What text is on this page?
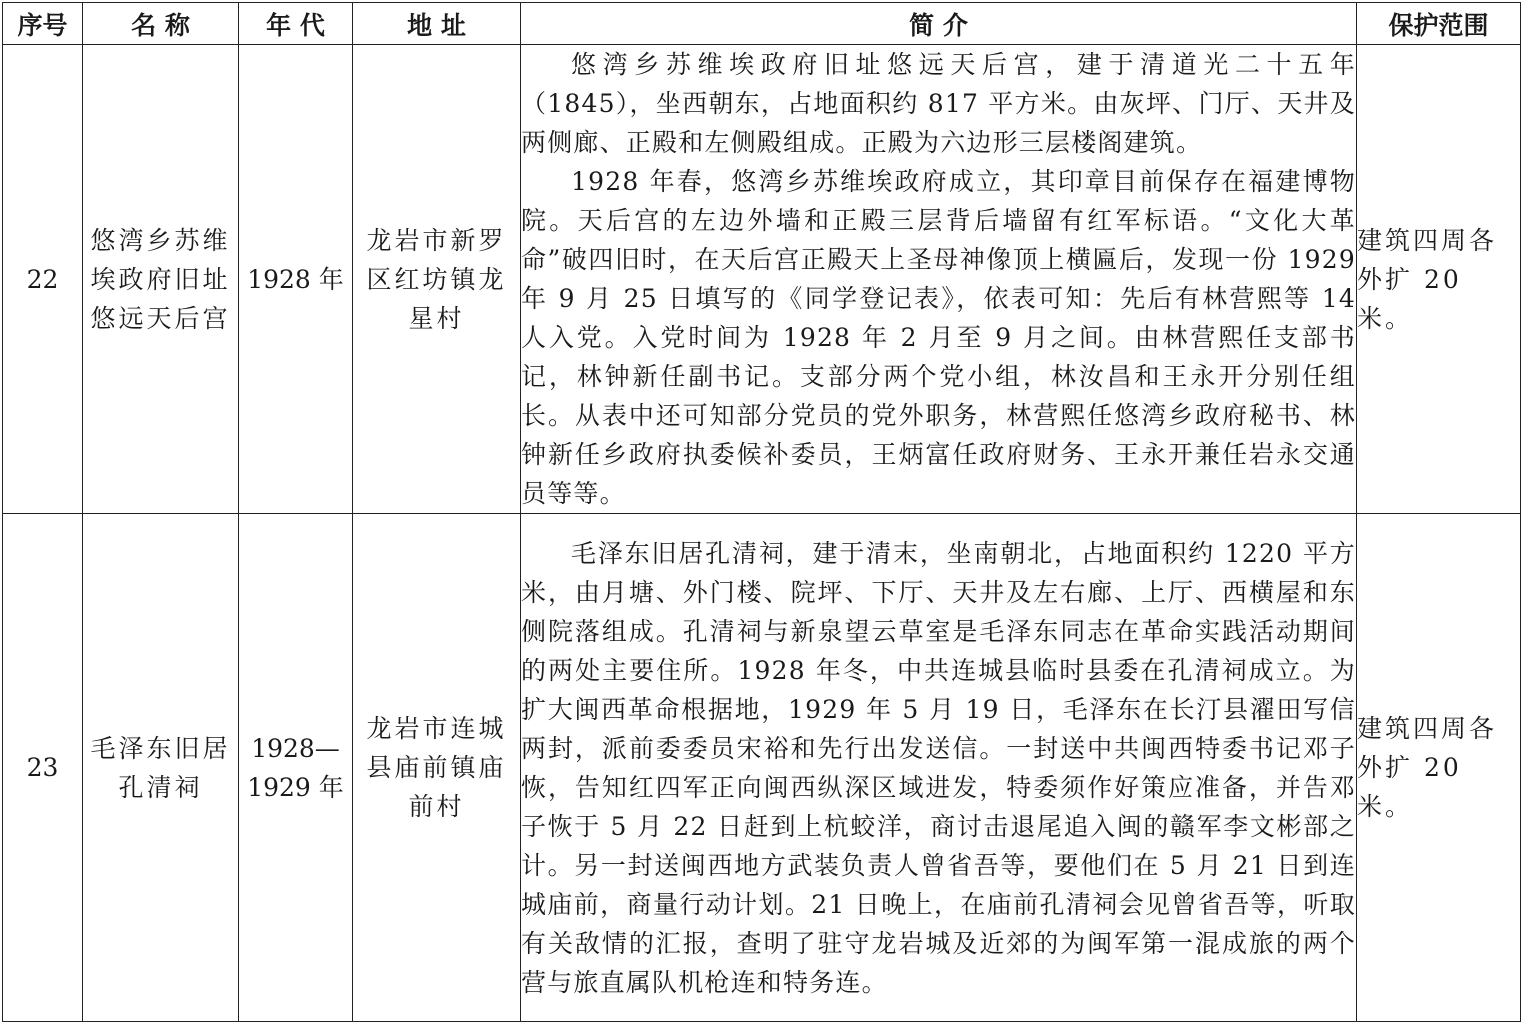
序号	名 称	年 代	地 址	简 介	保护范围
22	悠湾乡苏维埃政府旧址悠远天后宫	1928 年	龙岩市新罗区红坊镇龙星村	悠湾乡苏维埃政府旧址悠远天后宫，建于清道光二十五年（1845），坐西朝东，占地面积约 817 平方米。由灰坪、门厅、天井及两侧廊、正殿和左侧殿组成。正殿为六边形三层楼阁建筑。

1928 年春，悠湾乡苏维埃政府成立，其印章目前保存在福建博物院。天后宫的左边外墙和正殿三层背后墙留有红军标语。“文化大革命”破四旧时，在天后宫正殿天上圣母神像顶上横匾后，发现一份 1929 年 9 月 25 日填写的《同学登记表》，依表可知：先后有林营熙等 14 人入党。入党时间为 1928 年 2 月至 9 月之间。由林营熙任支部书记，林钟新任副书记。支部分两个党小组，林汝昌和王永开分别任组长。从表中还可知部分党员的党外职务，林营熙任悠湾乡政府秘书、林钟新任乡政府执委候补委员，王炳富任政府财务、王永开兼任岩永交通员等等。	建筑四周各外扩 20 米。
23	毛泽东旧居孔清祠	1928—1929 年	龙岩市连城县庙前镇庙前村	毛泽东旧居孔清祠，建于清末，坐南朝北，占地面积约 1220 平方米，由月塘、外门楼、院坪、下厅、天井及左右廊、上厅、西横屋和东侧院落组成。孔清祠与新泉望云草室是毛泽东同志在革命实践活动期间的两处主要住所。1928 年冬，中共连城县临时县委在孔清祠成立。为扩大闽西革命根据地，1929 年 5 月 19 日，毛泽东在长汀县濯田写信两封，派前委委员宋裕和先行出发送信。一封送中共闽西特委书记邓子恢，告知红四军正向闽西纵深区域进发，特委须作好策应准备，并告邓子恢于 5 月 22 日赶到上杭蛟洋，商讨击退尾追入闽的赣军李文彬部之计。另一封送闽西地方武装负责人曾省吾等，要他们在 5 月 21 日到连城庙前，商量行动计划。21 日晚上，在庙前孔清祠会见曾省吾等，听取有关敌情的汇报，查明了驻守龙岩城及近郊的为闽军第一混成旅的两个营与旅直属队机枪连和特务连。	建筑四周各外扩 20 米。
